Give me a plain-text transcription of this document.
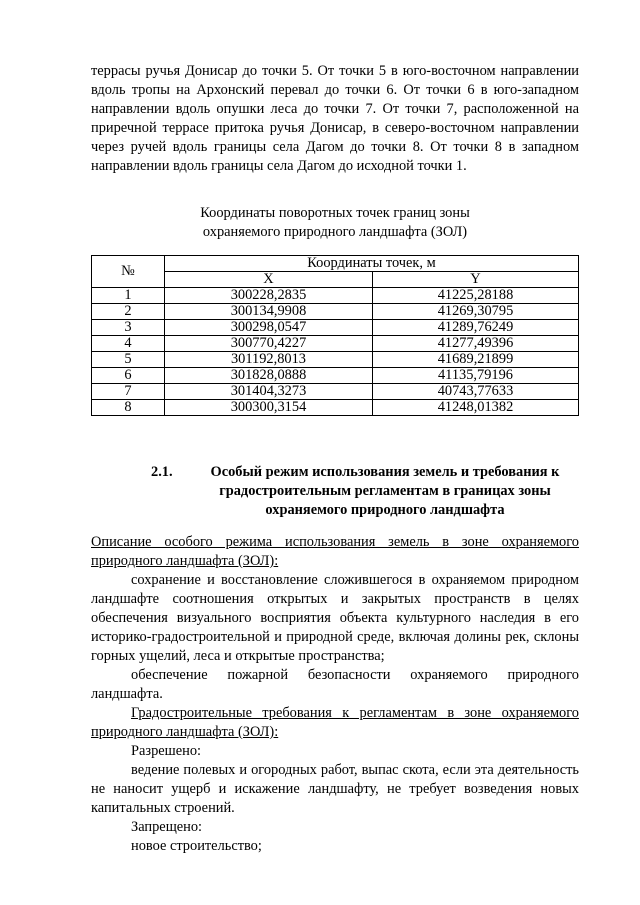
террасы ручья Донисар до точки 5. От точки 5 в юго-восточном направлении вдоль тропы на Архонский перевал до точки 6. От точки 6 в юго-западном направлении вдоль опушки леса до точки 7. От точки 7, расположенной на приречной террасе притока ручья Донисар, в северо-восточном направлении через ручей вдоль границы села Дагом до точки 8. От точки 8 в западном направлении вдоль границы села Дагом до исходной точки 1.

Координаты поворотных точек границ зоны
охраняемого природного ландшафта (ЗОЛ)
№	Координаты точек, м	
	X	Y
1	300228,2835	41225,28188
2	300134,9908	41269,30795
3	300298,0547	41289,76249
4	300770,4227	41277,49396
5	301192,8013	41689,21899
6	301828,0888	41135,79196
7	301404,3273	40743,77633
8	300300,3154	41248,01382
2.1.	Особый режим использования земель и требования к градостроительным регламентам в границах зоны охраняемого природного ландшафта

Описание особого режима использования земель в зоне охраняемого природного ландшафта (ЗОЛ):

сохранение и восстановление сложившегося в охраняемом природном ландшафте соотношения открытых и закрытых пространств в целях обеспечения визуального восприятия объекта культурного наследия в его историко-градостроительной и природной среде, включая долины рек, склоны горных ущелий, леса и открытые пространства;

обеспечение пожарной безопасности охраняемого природного ландшафта.

Градостроительные требования к регламентам в зоне охраняемого природного ландшафта (ЗОЛ):

Разрешено:

ведение полевых и огородных работ, выпас скота, если эта деятельность не наносит ущерб и искажение ландшафту, не требует возведения новых капитальных строений.

Запрещено:

новое строительство;
